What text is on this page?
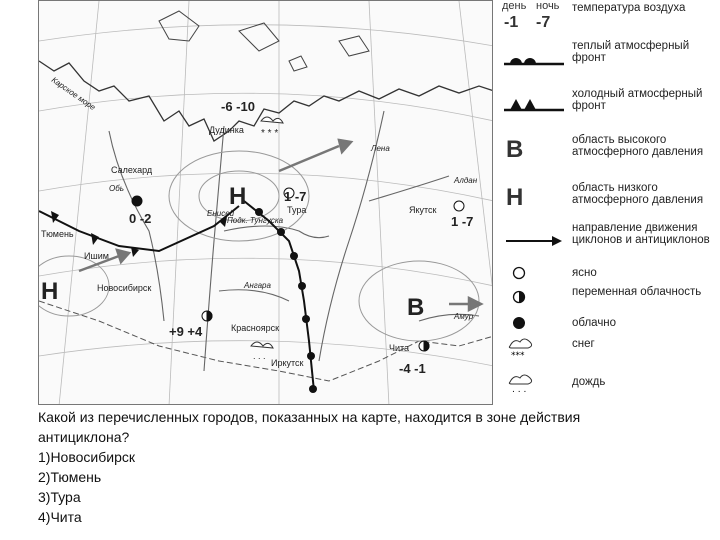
Н
Н
В
* * *
. . .
Салехард
Дудинка
Тура	Якутск
Тюмень
Ишим
Новосибирск
Красноярск
Иркутск
Чита
Обь
Енисей
Лена
Подк. Тунгуска
Ангара
Алдан
Амур
Карское море	-6 -10
0 -2
1 -7
1 -7
+9 +4
-4 -1
день ночь
-1 -7
температура воздуха
теплый атмосферный фронт
холодный атмосферный фронт
В	область высокого атмосферного давления
Н	область низкого атмосферного давления
направление движения циклонов и антициклонов
ясно
переменная облачность
облачно
***
снег
. . .
дождь
Какой из перечисленных городов, показанных на карте, находится в зоне действия антициклона?
1)Новосибирск
2)Тюмень
3)Тура
4)Чита
